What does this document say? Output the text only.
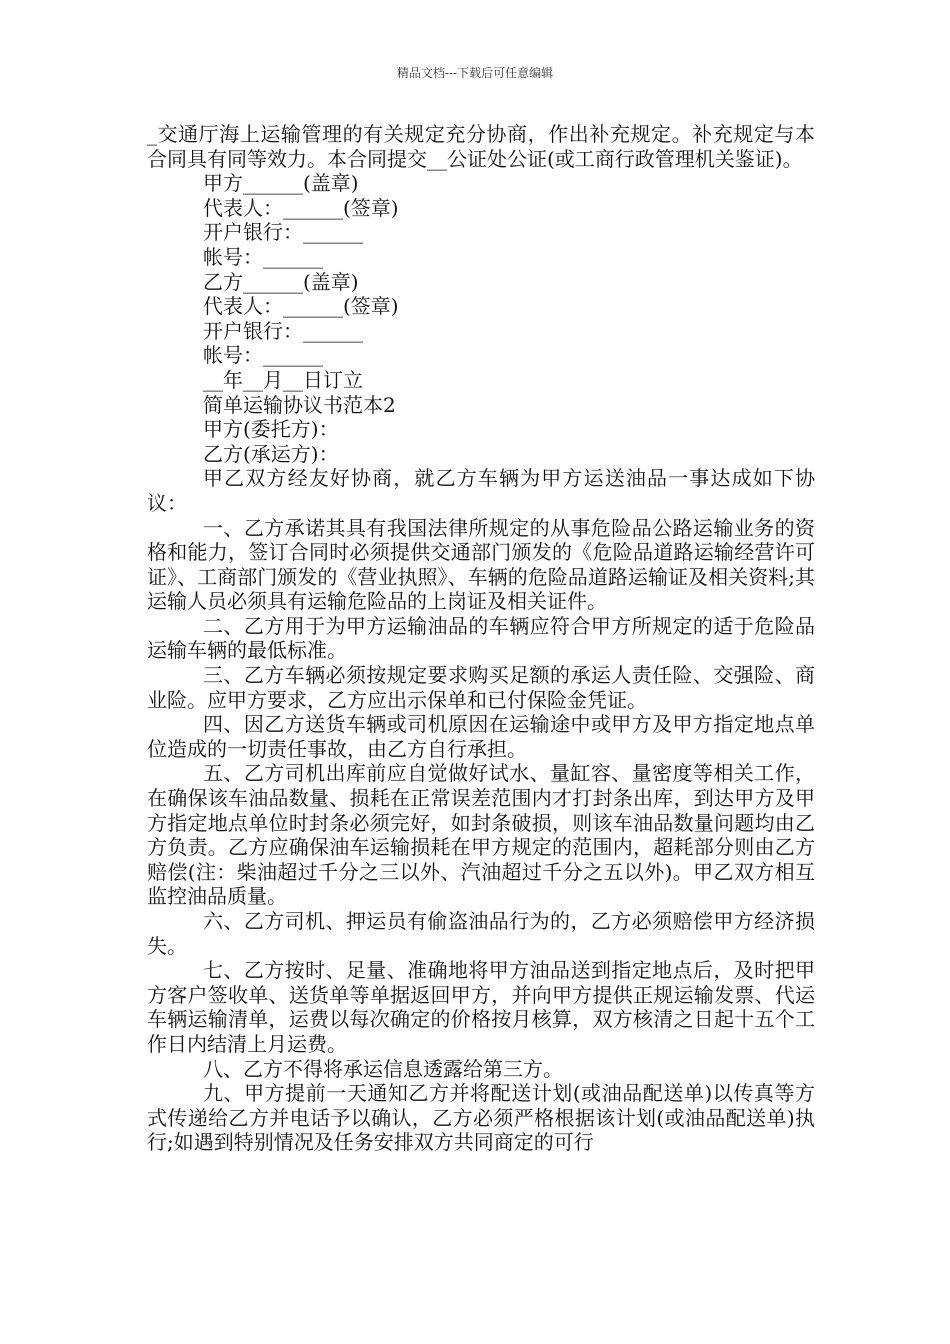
精品文档---下载后可任意编辑

_交通厅海上运输管理的有关规定充分协商，作出补充规定。补充规定与本合同具有同等效力。本合同提交__公证处公证(或工商行政管理机关鉴证)。

甲方______(盖章)

代表人：______(签章)

开户银行：______

帐号：______

乙方______(盖章)

代表人：______(签章)

开户银行：______

帐号：______

__年__月__日订立

简单运输协议书范本2

甲方(委托方)：

乙方(承运方)：

甲乙双方经友好协商，就乙方车辆为甲方运送油品一事达成如下协议：

一、乙方承诺其具有我国法律所规定的从事危险品公路运输业务的资格和能力，签订合同时必须提供交通部门颁发的《危险品道路运输经营许可证》、工商部门颁发的《营业执照》、车辆的危险品道路运输证及相关资料;其运输人员必须具有运输危险品的上岗证及相关证件。

二、乙方用于为甲方运输油品的车辆应符合甲方所规定的适于危险品运输车辆的最低标准。

三、乙方车辆必须按规定要求购买足额的承运人责任险、交强险、商业险。应甲方要求，乙方应出示保单和已付保险金凭证。

四、因乙方送货车辆或司机原因在运输途中或甲方及甲方指定地点单位造成的一切责任事故，由乙方自行承担。

五、乙方司机出库前应自觉做好试水、量缸容、量密度等相关工作，在确保该车油品数量、损耗在正常误差范围内才打封条出库，到达甲方及甲方指定地点单位时封条必须完好，如封条破损，则该车油品数量问题均由乙方负责。乙方应确保油车运输损耗在甲方规定的范围内，超耗部分则由乙方赔偿(注：柴油超过千分之三以外、汽油超过千分之五以外)。甲乙双方相互监控油品质量。

六、乙方司机、押运员有偷盗油品行为的，乙方必须赔偿甲方经济损失。

七、乙方按时、足量、准确地将甲方油品送到指定地点后，及时把甲方客户签收单、送货单等单据返回甲方，并向甲方提供正规运输发票、代运车辆运输清单，运费以每次确定的价格按月核算，双方核清之日起十五个工作日内结清上月运费。

八、乙方不得将承运信息透露给第三方。

九、甲方提前一天通知乙方并将配送计划(或油品配送单)以传真等方式传递给乙方并电话予以确认，乙方必须严格根据该计划(或油品配送单)执行;如遇到特别情况及任务安排双方共同商定的可行
